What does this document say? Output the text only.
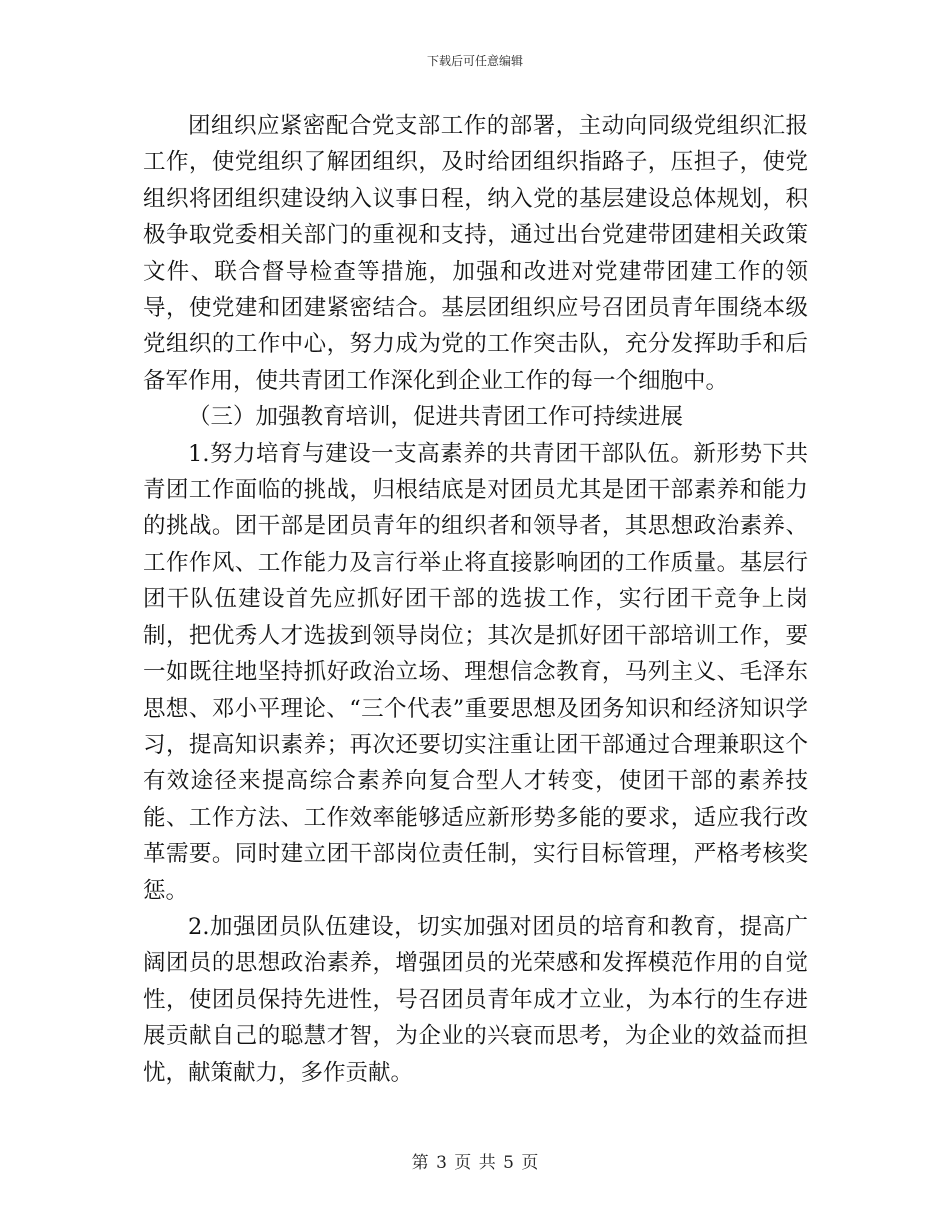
下载后可任意编辑

团组织应紧密配合党支部工作的部署，主动向同级党组织汇报工作，使党组织了解团组织，及时给团组织指路子，压担子，使党组织将团组织建设纳入议事日程，纳入党的基层建设总体规划，积极争取党委相关部门的重视和支持，通过出台党建带团建相关政策文件、联合督导检查等措施，加强和改进对党建带团建工作的领导，使党建和团建紧密结合。基层团组织应号召团员青年围绕本级党组织的工作中心，努力成为党的工作突击队，充分发挥助手和后备军作用，使共青团工作深化到企业工作的每一个细胞中。

（三）加强教育培训，促进共青团工作可持续进展

1.努力培育与建设一支高素养的共青团干部队伍。新形势下共青团工作面临的挑战，归根结底是对团员尤其是团干部素养和能力的挑战。团干部是团员青年的组织者和领导者，其思想政治素养、工作作风、工作能力及言行举止将直接影响团的工作质量。基层行团干队伍建设首先应抓好团干部的选拔工作，实行团干竞争上岗制，把优秀人才选拔到领导岗位；其次是抓好团干部培训工作，要一如既往地坚持抓好政治立场、理想信念教育，马列主义、毛泽东思想、邓小平理论、“三个代表”重要思想及团务知识和经济知识学习，提高知识素养；再次还要切实注重让团干部通过合理兼职这个有效途径来提高综合素养向复合型人才转变，使团干部的素养技能、工作方法、工作效率能够适应新形势多能的要求，适应我行改革需要。同时建立团干部岗位责任制，实行目标管理，严格考核奖惩。

2.加强团员队伍建设，切实加强对团员的培育和教育，提高广阔团员的思想政治素养，增强团员的光荣感和发挥模范作用的自觉性，使团员保持先进性，号召团员青年成才立业，为本行的生存进展贡献自己的聪慧才智，为企业的兴衰而思考，为企业的效益而担忧，献策献力，多作贡献。

第 3 页 共 5 页
